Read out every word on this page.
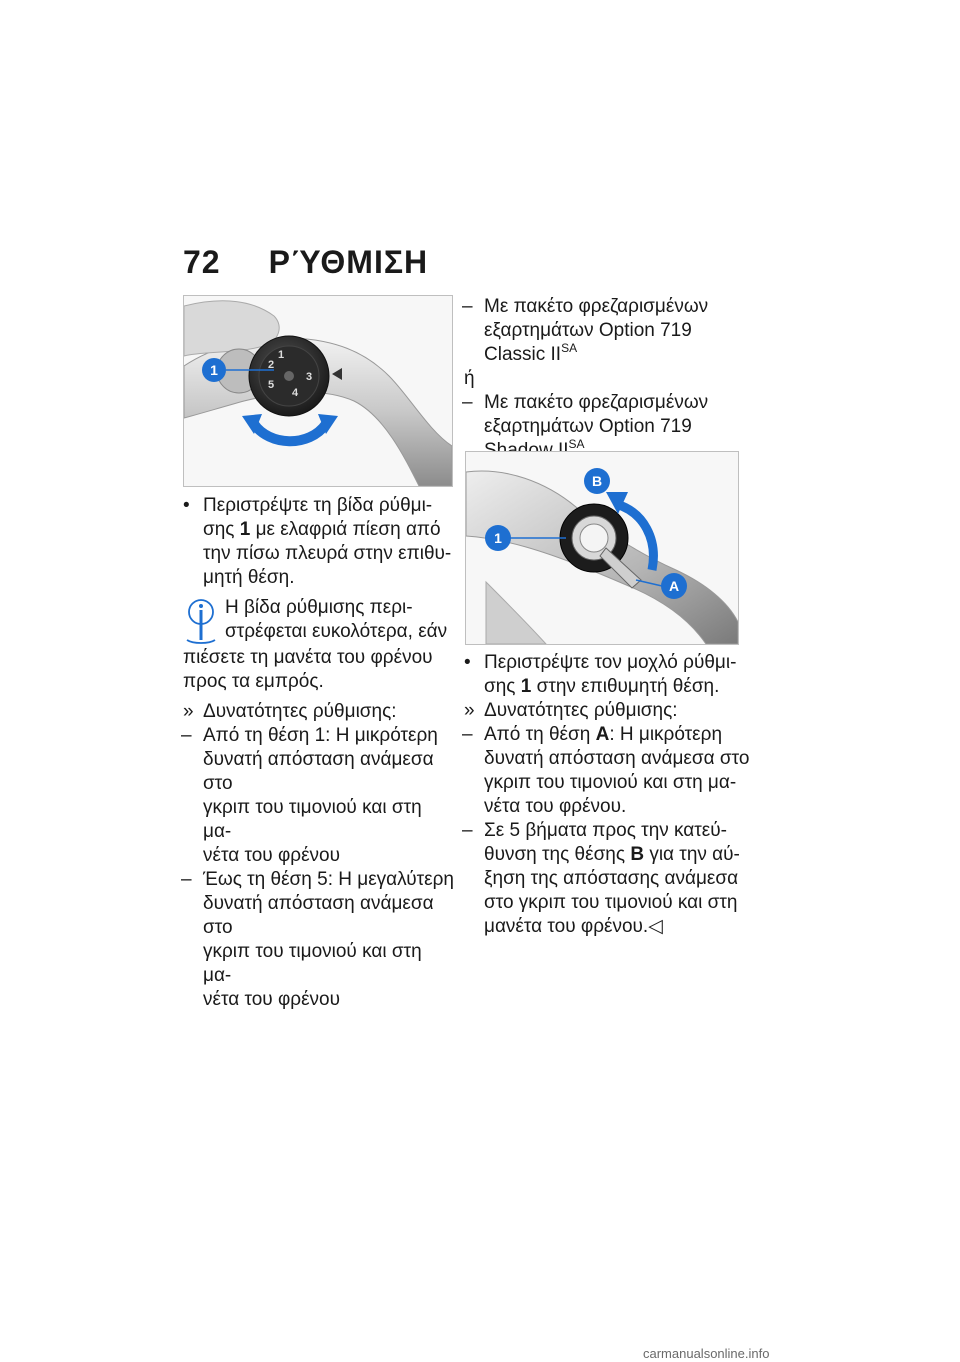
72 ΡΎΘΜΙΣΗ
1
2
3
4
5
1
• Περιστρέψτε τη βίδα ρύθμι-

σης 1 με ελαφριά πίεση από

την πίσω πλευρά στην επιθυ-

μητή θέση.

Η βίδα ρύθμισης περι-

στρέφεται ευκολότερα, εάν

πιέσετε τη μανέτα του φρένου

προς τα εμπρός.

» Δυνατότητες ρύθμισης:

– Από τη θέση 1: Η μικρότερη

δυνατή απόσταση ανάμεσα στο

γκριπ του τιμονιού και στη μα-

νέτα του φρένου

– Έως τη θέση 5: Η μεγαλύτερη

δυνατή απόσταση ανάμεσα στο

γκριπ του τιμονιού και στη μα-

νέτα του φρένου

– Με πακέτο φρεζαρισμένων

εξαρτημάτων Option 719

Classic $II^{SA}$

ή

– Με πακέτο φρεζαρισμένων

εξαρτημάτων Option 719

$^{SA}$

1
B
A
• Περιστρέψτε τον μοχλό ρύθμι-

σης 1 στην επιθυμητή θέση.

» Δυνατότητες ρύθμισης:

– Από τη θέση A: Η μικρότερη

δυνατή απόσταση ανάμεσα στο

γκριπ του τιμονιού και στη μα-

νέτα του φρένου.

– Σε 5 βήματα προς την κατεύ-

θυνση της θέσης B για την αύ-

ξηση της απόστασης ανάμεσα

στο γκριπ του τιμονιού και στη

μανέτα του φρένου.◁

carmanualsonline.info
